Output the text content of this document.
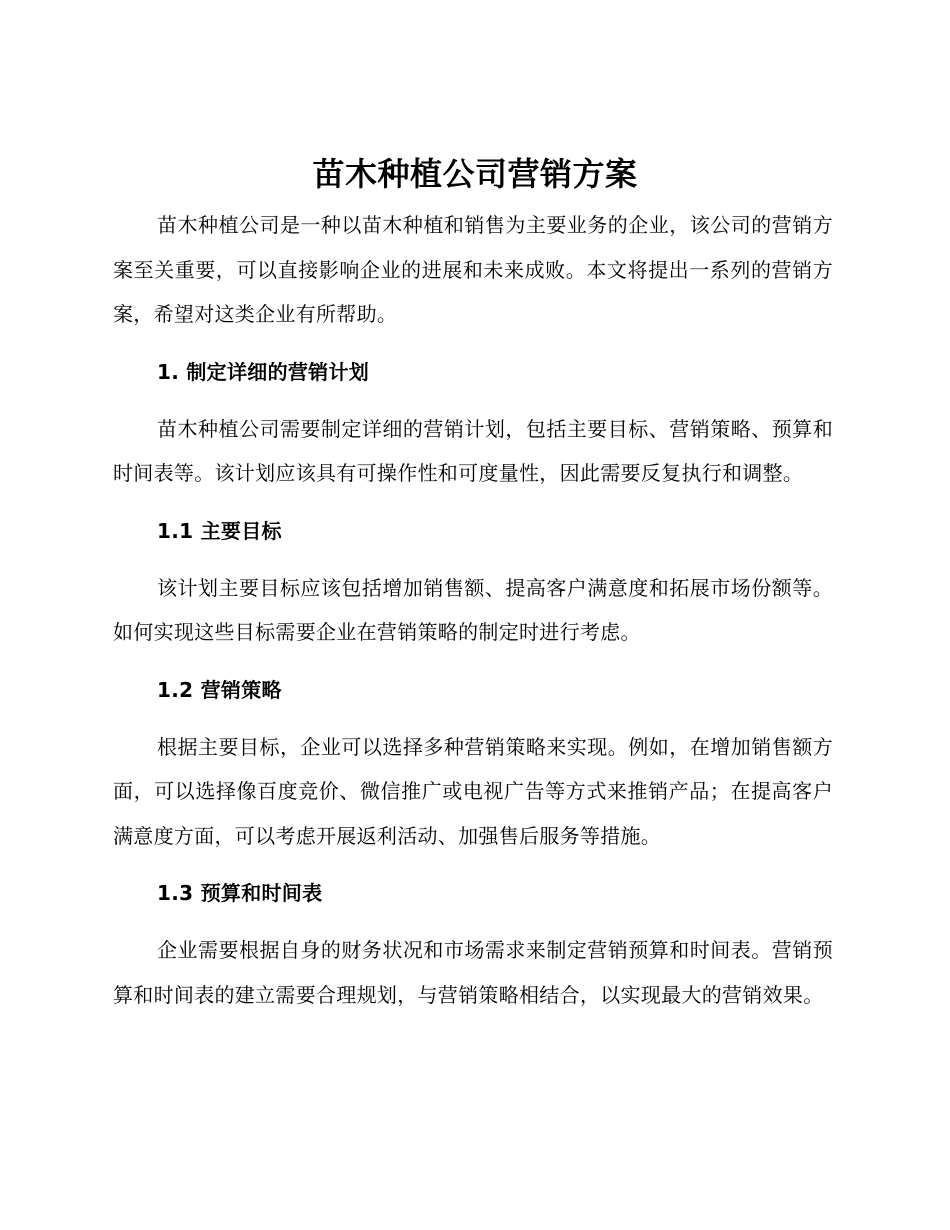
苗木种植公司营销方案

苗木种植公司是一种以苗木种植和销售为主要业务的企业，该公司的营销方案至关重要，可以直接影响企业的进展和未来成败。本文将提出一系列的营销方案，希望对这类企业有所帮助。

1. 制定详细的营销计划

苗木种植公司需要制定详细的营销计划，包括主要目标、营销策略、预算和时间表等。该计划应该具有可操作性和可度量性，因此需要反复执行和调整。

1.1 主要目标

该计划主要目标应该包括增加销售额、提高客户满意度和拓展市场份额等。如何实现这些目标需要企业在营销策略的制定时进行考虑。

1.2 营销策略

根据主要目标，企业可以选择多种营销策略来实现。例如，在增加销售额方面，可以选择像百度竞价、微信推广或电视广告等方式来推销产品；在提高客户满意度方面，可以考虑开展返利活动、加强售后服务等措施。

1.3 预算和时间表

企业需要根据自身的财务状况和市场需求来制定营销预算和时间表。营销预算和时间表的建立需要合理规划，与营销策略相结合，以实现最大的营销效果。
